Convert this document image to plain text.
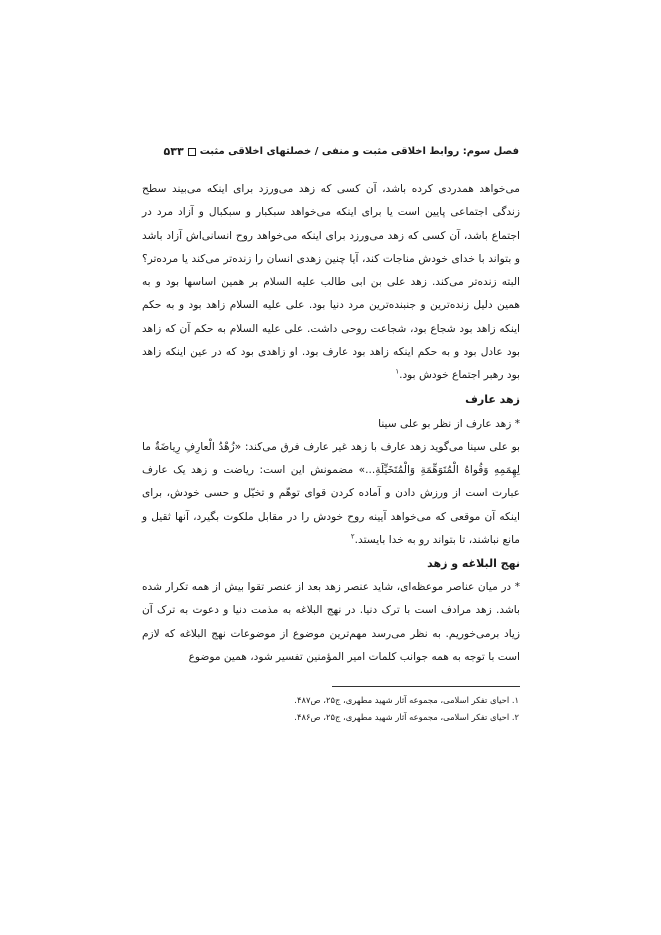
فصل سوم: روابط اخلاقی مثبت و منفی / خصلتهای اخلاقی مثبت
۵۳۳

می‌خواهد همدردی کرده باشد، آن کسی که زهد می‌ورزد برای اینکه می‌بیند سطح زندگی اجتماعی پایین است یا برای اینکه می‌خواهد سبکبار و سبکبال و آزاد مرد در اجتماع باشد، آن کسی که زهد می‌ورزد برای اینکه می‌خواهد روح انسانی‌اش آزاد باشد و بتواند با خدای خودش مناجات کند، آیا چنین زهدی انسان را زنده‌تر می‌کند یا مرده‌تر؟ البته زنده‌تر می‌کند. زهد علی بن ابی طالب علیه السلام بر همین اساسها بود و به همین دلیل زنده‌ترین و جنبنده‌ترین مرد دنیا بود. علی علیه السلام زاهد بود و به حکم اینکه زاهد بود شجاع بود، شجاعت روحی داشت. علی علیه السلام به حکم آن که زاهد بود عادل بود و به حکم اینکه زاهد بود عارف بود. او زاهدی بود که در عین اینکه زاهد بود رهبر اجتماع خودش بود.$^۱$

زهد عارف

* زهد عارف از نظر بو علی سینا

بو علی سینا می‌گوید زهد عارف با زهد غیر عارف فرق می‌کند: «زُهْدُ الْعارِفِ رِیاضَةٌ ما لِهِمَمِهِ وَقُواهُ الْمُتَوَهِّمَةِ وَالْمُتَخَیِّلَةِ...» مضمونش این است: ریاضت و زهد یک عارف عبارت است از ورزش دادن و آماده کردن قوای توهّم و تخیّل و حسی خودش، برای اینکه آن موقعی که می‌خواهد آیینه روح خودش را در مقابل ملکوت بگیرد، آنها ثقیل و مانع نباشند، تا بتواند رو به خدا بایستد.$^۲$

نهج البلاغه و زهد

* در میان عناصر موعظه‌ای، شاید عنصر زهد بعد از عنصر تقوا بیش از همه تکرار شده باشد. زهد مرادف است با ترک دنیا. در نهج البلاغه به مذمت دنیا و دعوت به ترک آن زیاد برمی‌خوریم. به نظر می‌رسد مهم‌ترین موضوع از موضوعات نهج البلاغه که لازم است با توجه به همه جوانب کلمات امیر المؤمنین تفسیر شود، همین موضوع

۱. احیای تفکر اسلامی، مجموعه آثار شهید مطهری، ج۲۵، ص۴۸۷.

۲. احیای تفکر اسلامی، مجموعه آثار شهید مطهری، ج۲۵، ص۴۸۶.
